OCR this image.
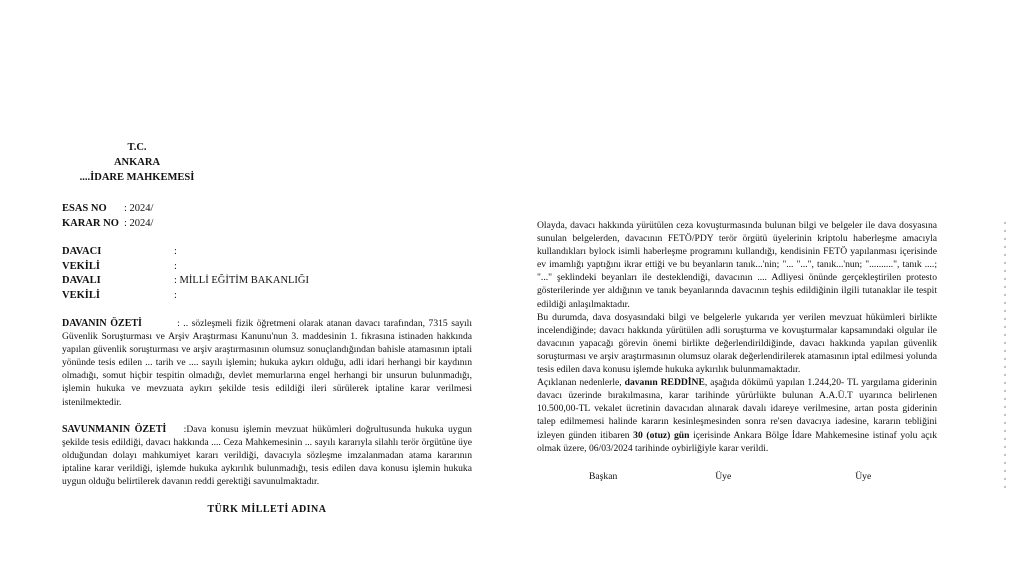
T.C.
ANKARA
....İDARE MAHKEMESİ
ESAS NO	: 2024/
KARAR NO : 2024/
DAVACI	:
VEKİLİ	:
DAVALI	: MİLLİ EĞİTİM BAKANLIĞI
VEKİLİ	:

DAVANIN ÖZETİ	: .. sözleşmeli fizik öğretmeni olarak atanan davacı tarafından, 7315 sayılı Güvenlik Soruşturması ve Arşiv Araştırması Kanunu'nun 3. maddesinin 1. fıkrasına istinaden hakkında yapılan güvenlik soruşturması ve arşiv araştırmasının olumsuz sonuçlandığından bahisle atamasının iptali yönünde tesis edilen ... tarih ve .... sayılı işlemin; hukuka aykırı olduğu, adli idari herhangi bir kaydının olmadığı, somut hiçbir tespitin olmadığı, devlet memurlarına engel herhangi bir unsurun bulunmadığı, işlemin hukuka ve mevzuata aykırı şekilde tesis edildiği ileri sürülerek iptaline karar verilmesi istenilmektedir.

SAVUNMANIN ÖZETİ :Dava konusu işlemin mevzuat hükümleri doğrultusunda hukuka uygun şekilde tesis edildiği, davacı hakkında .... Ceza Mahkemesinin ... sayılı kararıyla silahlı terör örgütüne üye olduğundan dolayı mahkumiyet kararı verildiği, davacıyla sözleşme imzalanmadan atama kararının iptaline karar verildiği, işlemde hukuka aykırılık bulunmadığı, tesis edilen dava konusu işlemin hukuka uygun olduğu belirtilerek davanın reddi gerektiği savunulmaktadır.

TÜRK MİLLETİ ADINA

Olayda, davacı hakkında yürütülen ceza kovuşturmasında bulunan bilgi ve belgeler ile dava dosyasına sunulan belgelerden, davacının FETÖ/PDY terör örgütü üyelerinin kriptolu haberleşme amacıyla kullandıkları bylock isimli haberleşme programını kullandığı, kendisinin FETÖ yapılanması içerisinde ev imamlığı yaptığını ikrar ettiği ve bu beyanların tanık...'nin; "... "...", tanık...'nun; "..........", tanık ....; "..." şeklindeki beyanları ile desteklendiği, davacının .... Adliyesi önünde gerçekleştirilen protesto gösterilerinde yer aldığının ve tanık beyanlarında davacının teşhis edildiğinin ilgili tutanaklar ile tespit edildiği anlaşılmaktadır.

Bu durumda, dava dosyasındaki bilgi ve belgelerle yukarıda yer verilen mevzuat hükümleri birlikte incelendiğinde; davacı hakkında yürütülen adli soruşturma ve kovuşturmalar kapsamındaki olgular ile davacının yapacağı görevin önemi birlikte değerlendirildiğinde, davacı hakkında yapılan güvenlik soruşturması ve arşiv araştırmasının olumsuz olarak değerlendirilerek atamasının iptal edilmesi yolunda tesis edilen dava konusu işlemde hukuka aykırılık bulunmamaktadır.

Açıklanan nedenlerle, davanın REDDİNE, aşağıda dökümü yapılan 1.244,20- TL yargılama giderinin davacı üzerinde bırakılmasına, karar tarihinde yürürlükte bulunan A.A.Ü.T uyarınca belirlenen 10.500,00-TL vekalet ücretinin davacıdan alınarak davalı idareye verilmesine, artan posta giderinin talep edilmemesi halinde kararın kesinleşmesinden sonra re'sen davacıya iadesine, kararın tebliğini izleyen günden itibaren 30 (otuz) gün içerisinde Ankara Bölge İdare Mahkemesine istinaf yolu açık olmak üzere, 06/03/2024 tarihinde oybirliğiyle karar verildi.

Başkan	Üye	Üye
